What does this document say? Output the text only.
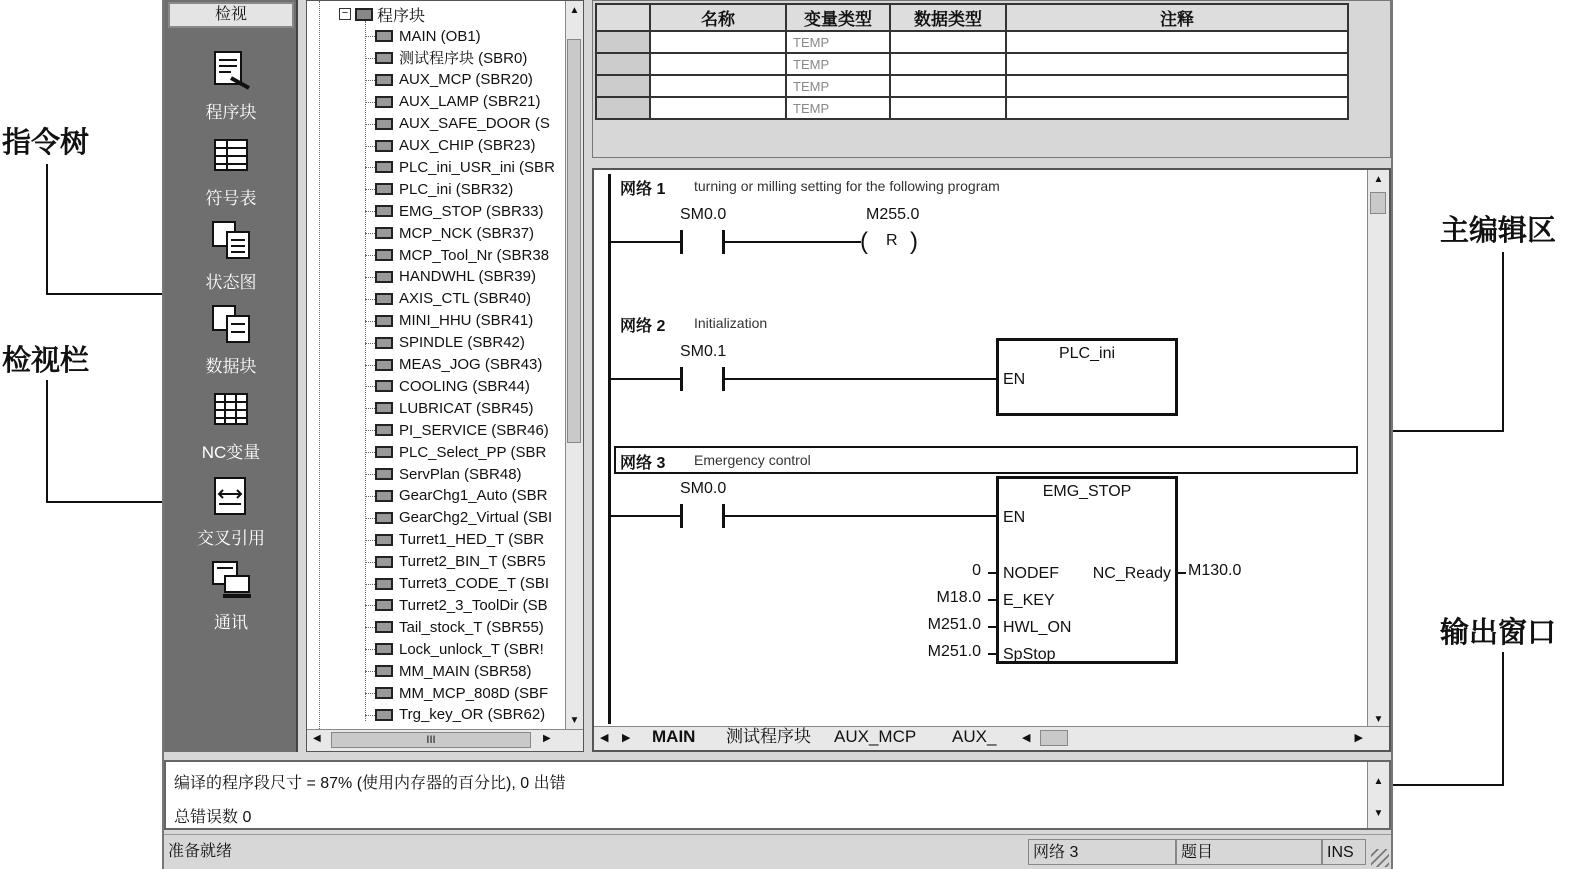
指令树
检视栏
主编辑区
输出窗口
检视
程序块
符号表
状态图
数据块
NC变量
交叉引用
通讯
− 程序块
MAIN (OB1)
测试程序块 (SBR0)
AUX_MCP (SBR20)
AUX_LAMP (SBR21)
AUX_SAFE_DOOR (S
AUX_CHIP (SBR23)
PLC_ini_USR_ini (SBR
PLC_ini (SBR32)
EMG_STOP (SBR33)
MCP_NCK (SBR37)
MCP_Tool_Nr (SBR38
HANDWHL (SBR39)
AXIS_CTL (SBR40)
MINI_HHU (SBR41)
SPINDLE (SBR42)
MEAS_JOG (SBR43)
COOLING (SBR44)
LUBRICAT (SBR45)
PI_SERVICE (SBR46)
PLC_Select_PP (SBR
ServPlan (SBR48)
GearChg1_Auto (SBR
GearChg2_Virtual (SBI
Turret1_HED_T (SBR
Turret2_BIN_T (SBR5
Turret3_CODE_T (SBI
Turret2_3_ToolDir (SB
Tail_stock_T (SBR55)
Lock_unlock_T (SBR!
MM_MAIN (SBR58)
MM_MCP_808D (SBF
Trg_key_OR (SBR62)
▲
▼
◀	III	▶
	名称	变量类型	数据类型	注释
		TEMP		
		TEMP		
		TEMP		
		TEMP		
网络 1 turning or milling setting for the following program
SM0.0	M255.0
( R )
网络 2 Initialization
SM0.1	PLC_ini
EN
网络 3 Emergency control
SM0.0	EMG_STOP
EN
NODEF
E_KEY
HWL_ON
SpStop
NC_Ready
0
M18.0
M251.0
M251.0
M130.0
▲
▼
◀ ▶ MAIN 测试程序块 AUX_MCP AUX_ ◀	▶
编译的程序段尺寸 = 87% (使用内存器的百分比), 0 出错
总错误数 0
▲
▼
准备就绪	网络 3	题目	INS
